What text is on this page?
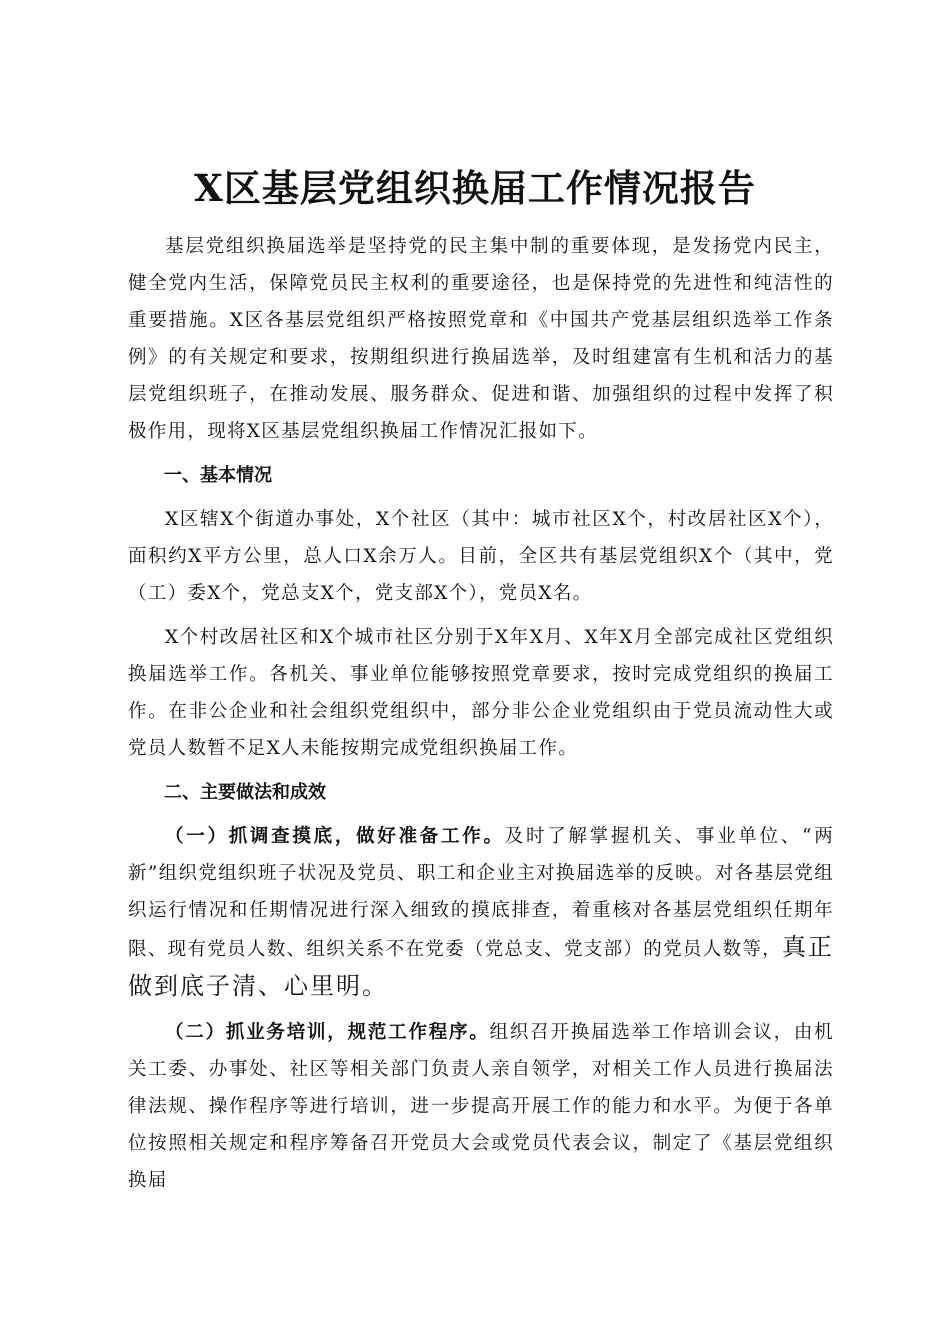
X区基层党组织换届工作情况报告

基层党组织换届选举是坚持党的民主集中制的重要体现，是发扬党内民主，健全党内生活，保障党员民主权利的重要途径，也是保持党的先进性和纯洁性的重要措施。X区各基层党组织严格按照党章和《中国共产党基层组织选举工作条例》的有关规定和要求，按期组织进行换届选举，及时组建富有生机和活力的基层党组织班子，在推动发展、服务群众、促进和谐、加强组织的过程中发挥了积极作用，现将X区基层党组织换届工作情况汇报如下。

一、基本情况

X区辖X个街道办事处，X个社区（其中：城市社区X个，村改居社区X个），面积约X平方公里，总人口X余万人。目前，全区共有基层党组织X个（其中，党（工）委X个，党总支X个，党支部X个），党员X名。

X个村改居社区和X个城市社区分别于X年X月、X年X月全部完成社区党组织换届选举工作。各机关、事业单位能够按照党章要求，按时完成党组织的换届工作。在非公企业和社会组织党组织中，部分非公企业党组织由于党员流动性大或党员人数暂不足X人未能按期完成党组织换届工作。

二、主要做法和成效

（一）抓调查摸底，做好准备工作。及时了解掌握机关、事业单位、“两新”组织党组织班子状况及党员、职工和企业主对换届选举的反映。对各基层党组织运行情况和任期情况进行深入细致的摸底排查，着重核对各基层党组织任期年限、现有党员人数、组织关系不在党委（党总支、党支部）的党员人数等，真正做到底子清、心里明。

（二）抓业务培训，规范工作程序。组织召开换届选举工作培训会议，由机关工委、办事处、社区等相关部门负责人亲自领学，对相关工作人员进行换届法律法规、操作程序等进行培训，进一步提高开展工作的能力和水平。为便于各单位按照相关规定和程序筹备召开党员大会或党员代表会议，制定了《基层党组织换届
